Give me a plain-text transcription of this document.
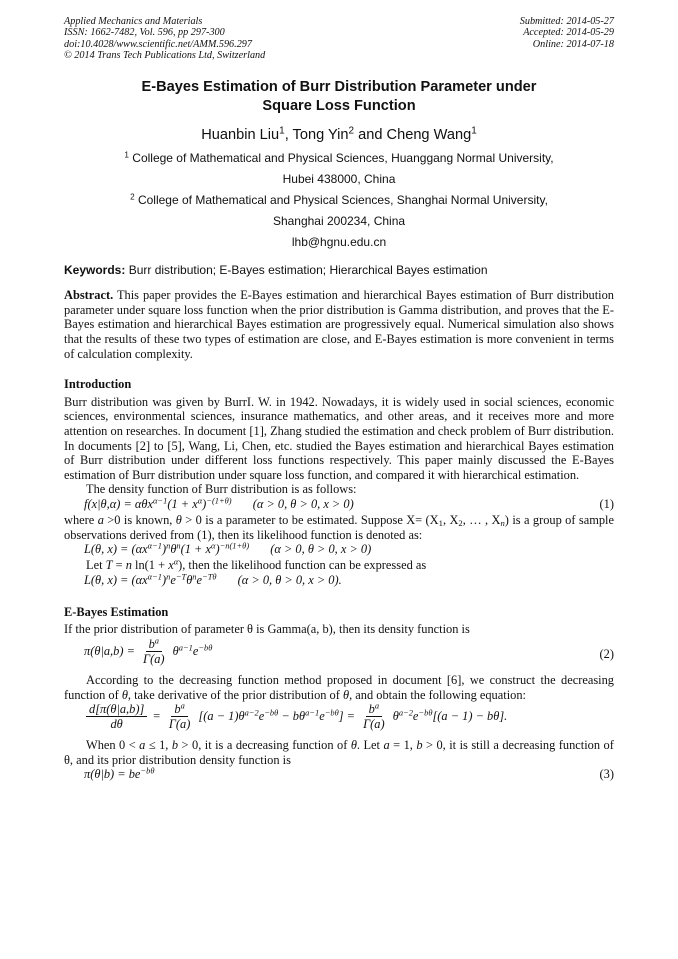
Applied Mechanics and Materials
ISSN: 1662-7482, Vol. 596, pp 297-300
doi:10.4028/www.scientific.net/AMM.596.297
© 2014 Trans Tech Publications Ltd, Switzerland
Submitted: 2014-05-27
Accepted: 2014-05-29
Online: 2014-07-18
E-Bayes Estimation of Burr Distribution Parameter under
Square Loss Function
Huanbin Liu$^1$, Tong Yin$^2$ and Cheng Wang$^1$
$^1$ College of Mathematical and Physical Sciences, Huanggang Normal University,
Hubei 438000, China
$^2$ College of Mathematical and Physical Sciences, Shanghai Normal University,
Shanghai 200234, China
lhb@hgnu.edu.cn
Keywords: Burr distribution; E-Bayes estimation; Hierarchical Bayes estimation

Abstract. This paper provides the E-Bayes estimation and hierarchical Bayes estimation of Burr distribution parameter under square loss function when the prior distribution is Gamma distribution, and proves that the E-Bayes estimation and hierarchical Bayes estimation are progressively equal. Numerical simulation also shows that the results of these two types of estimation are close, and E-Bayes estimation is more convenient in terms of calculation complexity.

Introduction

Burr distribution was given by BurrI. W. in 1942. Nowadays, it is widely used in social sciences, economic sciences, environmental sciences, insurance mathematics, and other areas, and it receives more and more attention on researches. In document [1], Zhang studied the estimation and check problem of Burr distribution. In documents [2] to [5], Wang, Li, Chen, etc. studied the Bayes estimation and hierarchical Bayes estimation of Burr distribution under different loss functions respectively. This paper mainly discussed the E-Bayes estimation of Burr distribution under square loss function, and compared it with hierarchical estimation.

The density function of Burr distribution is as follows:

$f(x|\theta,\alpha) = \alpha\theta x^{\alpha-1}(1 + x^\alpha)^{-(1+\theta)}$ (α > 0, θ > 0, x > 0)	(1)

where a >0 is known, θ > 0 is a parameter to be estimated. Suppose $X= (X_1$, $X_2$, … , $X_n$) is a group of sample observations derived from (1), then its likelihood function is denoted as:

L(θ, $x) = (\alpha x^{\alpha-1})^n\theta^n(1 + x^\alpha)^{-n(1+\theta)}$ (α > 0, θ > 0, x > 0)

Let T = n $\ln(1 + x^\alpha)$, then the likelihood function can be expressed as

L(θ, $x) = (\alpha x^{\alpha-1})^ne^{-T}\theta^ne^{-T\theta}$ (α > 0, θ > 0, x > 0).
E-Bayes Estimation

If the prior distribution of parameter θ is Gamma(a, b), then its density function is

$\pi(\theta|a,b) = \frac{b^a}{\Gamma(a)} \theta^{a-1}e^{-b\theta}$	(2)

According to the decreasing function method proposed in document [6], we construct the decreasing function of θ, take derivative of the prior distribution of θ, and obtain the following equation:

$\frac{d[\pi(\theta|a,b)]}{d\theta} = \frac{b^a}{\Gamma(a)} [(a - 1)\theta^{a-2}e^{-b\theta} - b\theta^{a-1}e^{-b\theta}] = \frac{b^a}{\Gamma(a)} \theta^{a-2}e^{-b\theta}[(a - 1) - b\theta]$.

When 0 < a ≤ 1, b > 0, it is a decreasing function of θ. Let a = 1, b > 0, it is still a decreasing function of θ, and its prior distribution density function is

$\pi(\theta|b) = be^{-b\theta}$	(3)
